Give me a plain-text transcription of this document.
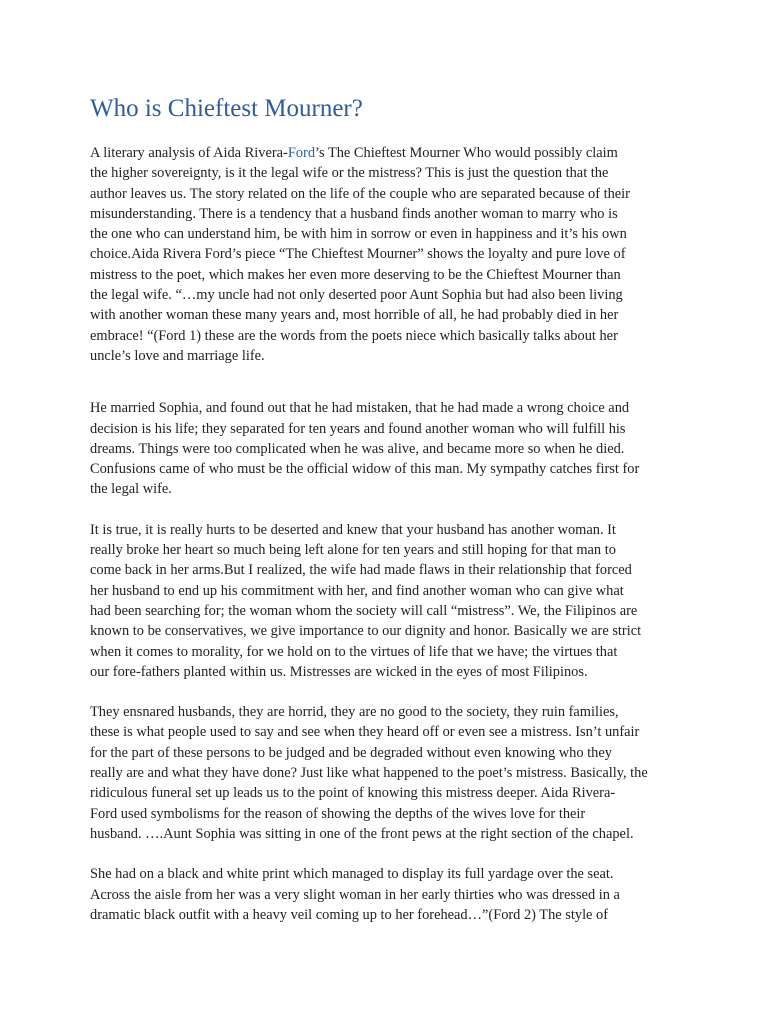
Who is Chieftest Mourner?

A literary analysis of Aida Rivera-Ford’s The Chieftest Mourner Who would possibly claim
the higher sovereignty, is it the legal wife or the mistress? This is just the question that the
author leaves us. The story related on the life of the couple who are separated because of their
misunderstanding. There is a tendency that a husband finds another woman to marry who is
the one who can understand him, be with him in sorrow or even in happiness and it’s his own
choice.Aida Rivera Ford’s piece “The Chieftest Mourner” shows the loyalty and pure love of
mistress to the poet, which makes her even more deserving to be the Chieftest Mourner than
the legal wife. “…my uncle had not only deserted poor Aunt Sophia but had also been living
with another woman these many years and, most horrible of all, he had probably died in her
embrace! “(Ford 1) these are the words from the poets niece which basically talks about her
uncle’s love and marriage life.

He married Sophia, and found out that he had mistaken, that he had made a wrong choice and
decision is his life; they separated for ten years and found another woman who will fulfill his
dreams. Things were too complicated when he was alive, and became more so when he died.
Confusions came of who must be the official widow of this man. My sympathy catches first for
the legal wife.

It is true, it is really hurts to be deserted and knew that your husband has another woman. It
really broke her heart so much being left alone for ten years and still hoping for that man to
come back in her arms.But I realized, the wife had made flaws in their relationship that forced
her husband to end up his commitment with her, and find another woman who can give what
had been searching for; the woman whom the society will call “mistress”. We, the Filipinos are
known to be conservatives, we give importance to our dignity and honor. Basically we are strict
when it comes to morality, for we hold on to the virtues of life that we have; the virtues that
our fore-fathers planted within us. Mistresses are wicked in the eyes of most Filipinos.

They ensnared husbands, they are horrid, they are no good to the society, they ruin families,
these is what people used to say and see when they heard off or even see a mistress. Isn’t unfair
for the part of these persons to be judged and be degraded without even knowing who they
really are and what they have done? Just like what happened to the poet’s mistress. Basically, the
ridiculous funeral set up leads us to the point of knowing this mistress deeper. Aida Rivera-
Ford used symbolisms for the reason of showing the depths of the wives love for their
husband. ….Aunt Sophia was sitting in one of the front pews at the right section of the chapel.

She had on a black and white print which managed to display its full yardage over the seat.
Across the aisle from her was a very slight woman in her early thirties who was dressed in a
dramatic black outfit with a heavy veil coming up to her forehead…”(Ford 2) The style of
